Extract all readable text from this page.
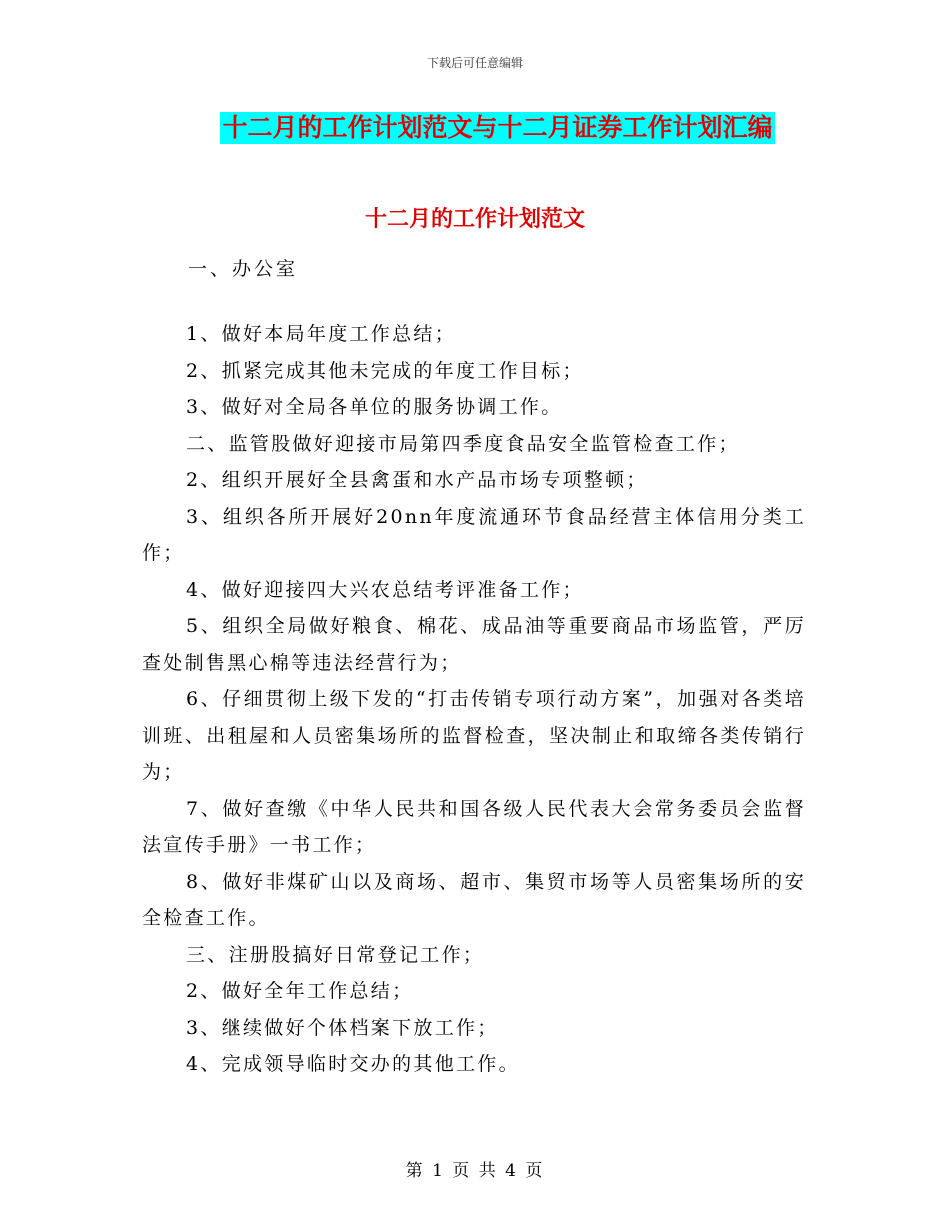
下载后可任意编辑
十二月的工作计划范文与十二月证券工作计划汇编
十二月的工作计划范文
一、办公室

1、做好本局年度工作总结；

2、抓紧完成其他未完成的年度工作目标；

3、做好对全局各单位的服务协调工作。

二、监管股做好迎接市局第四季度食品安全监管检查工作；

2、组织开展好全县禽蛋和水产品市场专项整顿；

3、组织各所开展好20nn年度流通环节食品经营主体信用分类工作；

4、做好迎接四大兴农总结考评准备工作；

5、组织全局做好粮食、棉花、成品油等重要商品市场监管，严厉查处制售黑心棉等违法经营行为；

6、仔细贯彻上级下发的“打击传销专项行动方案”，加强对各类培训班、出租屋和人员密集场所的监督检查，坚决制止和取缔各类传销行为；

7、做好查缴《中华人民共和国各级人民代表大会常务委员会监督法宣传手册》一书工作；

8、做好非煤矿山以及商场、超市、集贸市场等人员密集场所的安全检查工作。

三、注册股搞好日常登记工作；

2、做好全年工作总结；

3、继续做好个体档案下放工作；

4、完成领导临时交办的其他工作。

第 1 页 共 4 页
